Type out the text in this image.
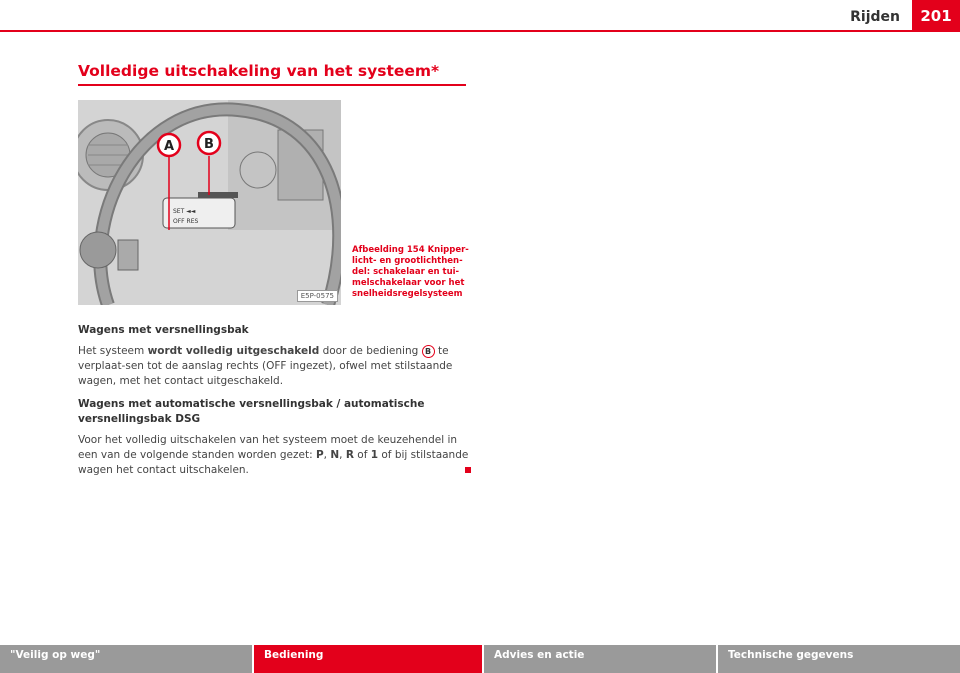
Rijden	201
Volledige uitschakeling van het systeem*
SET ◄◄
OFF RES
A B
E5P-0575
Afbeelding 154 Knipper-licht- en grootlichthen-del: schakelaar en tui-melschakelaar voor het snelheidsregelsysteem
Wagens met versnellingsbak
Het systeem wordt volledig uitgeschakeld door de bediening B te verplaat-sen tot de aanslag rechts (OFF ingezet), ofwel met stilstaande wagen, met het contact uitgeschakeld.
Wagens met automatische versnellingsbak / automatische versnellingsbak DSG
Voor het volledig uitschakelen van het systeem moet de keuzehendel in een van de volgende standen worden gezet: P, N, R of 1 of bij stilstaande wagen het contact uitschakelen.
"Veilig op weg"	Bediening	Advies en actie	Technische gegevens
